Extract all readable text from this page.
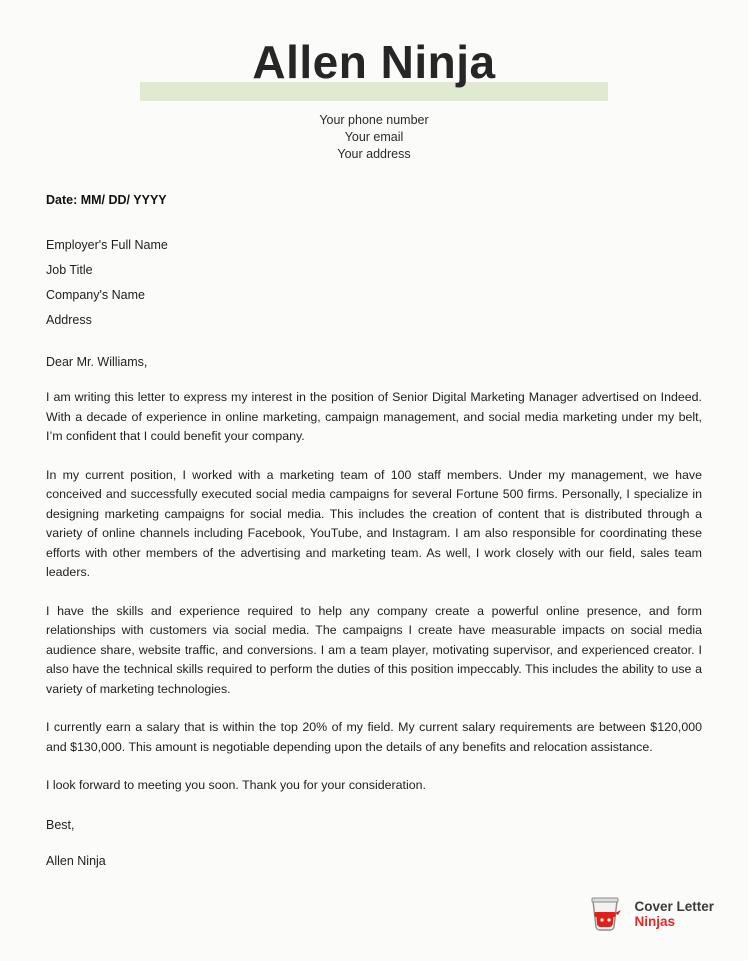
Allen Ninja
Your phone number
Your email
Your address
Date: MM/ DD/ YYYY
Employer's Full Name
Job Title
Company's Name
Address
Dear Mr. Williams,

I am writing this letter to express my interest in the position of Senior Digital Marketing Manager advertised on Indeed. With a decade of experience in online marketing, campaign management, and social media marketing under my belt, I’m confident that I could benefit your company.

In my current position, I worked with a marketing team of 100 staff members. Under my management, we have conceived and successfully executed social media campaigns for several Fortune 500 firms. Personally, I specialize in designing marketing campaigns for social media. This includes the creation of content that is distributed through a variety of online channels including Facebook, YouTube, and Instagram. I am also responsible for coordinating these efforts with other members of the advertising and marketing team. As well, I work closely with our field, sales team leaders.

I have the skills and experience required to help any company create a powerful online presence, and form relationships with customers via social media. The campaigns I create have measurable impacts on social media audience share, website traffic, and conversions. I am a team player, motivating supervisor, and experienced creator. I also have the technical skills required to perform the duties of this position impeccably. This includes the ability to use a variety of marketing technologies.

I currently earn a salary that is within the top 20% of my field. My current salary requirements are between $120,000 and $130,000. This amount is negotiable depending upon the details of any benefits and relocation assistance.

I look forward to meeting you soon. Thank you for your consideration.

Best,
Allen Ninja
Cover Letter
Ninjas
